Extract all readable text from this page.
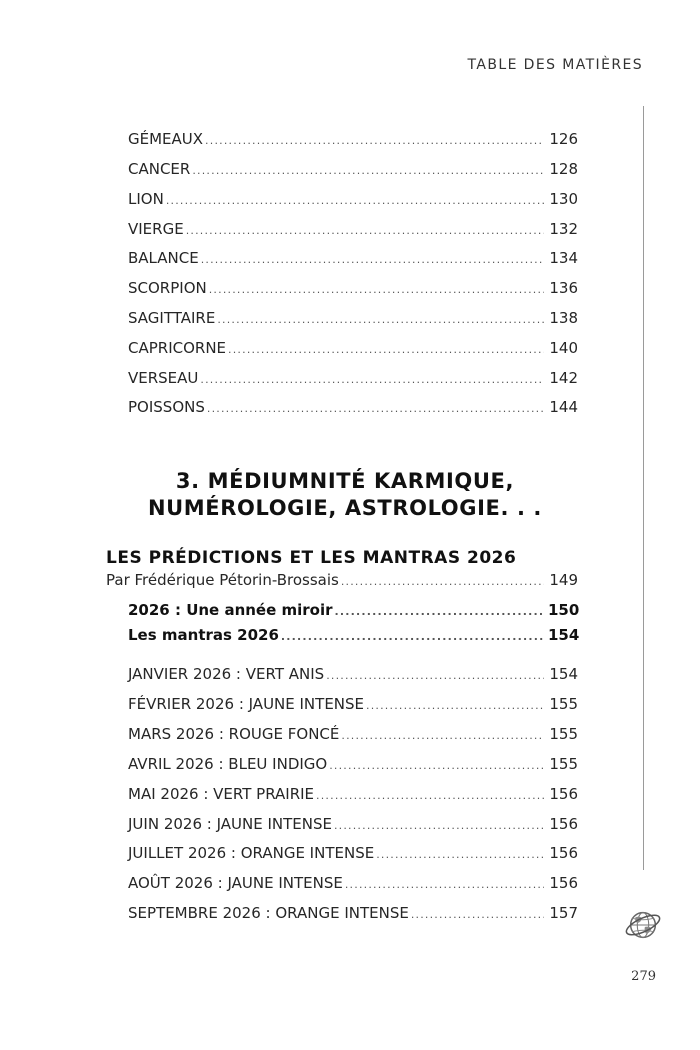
TABLE DES MATIÈRES
GÉMEAUX .....	126
CANCER .....	128
LION .....	130
VIERGE .....	132
BALANCE .....	134
SCORPION .....	136
SAGITTAIRE .....	138
CAPRICORNE .....	140
VERSEAU .....	142
POISSONS .....	144
3. MÉDIUMNITÉ KARMIQUE,
NUMÉROLOGIE, ASTROLOGIE. . .
LES PRÉDICTIONS ET LES MANTRAS 2026
Par Frédérique Pétorin-Brossais .....	149
2026 : Une année miroir .....	150
Les mantras 2026 .....	154
JANVIER 2026 : VERT ANIS .....	154
FÉVRIER 2026 : JAUNE INTENSE .....	155
MARS 2026 : ROUGE FONCÉ .....	155
AVRIL 2026 : BLEU INDIGO .....	155
MAI 2026 : VERT PRAIRIE .....	156
JUIN 2026 : JAUNE INTENSE .....	156
JUILLET 2026 : ORANGE INTENSE .....	156
AOÛT 2026 : JAUNE INTENSE .....	156
SEPTEMBRE 2026 : ORANGE INTENSE .....	157
279
